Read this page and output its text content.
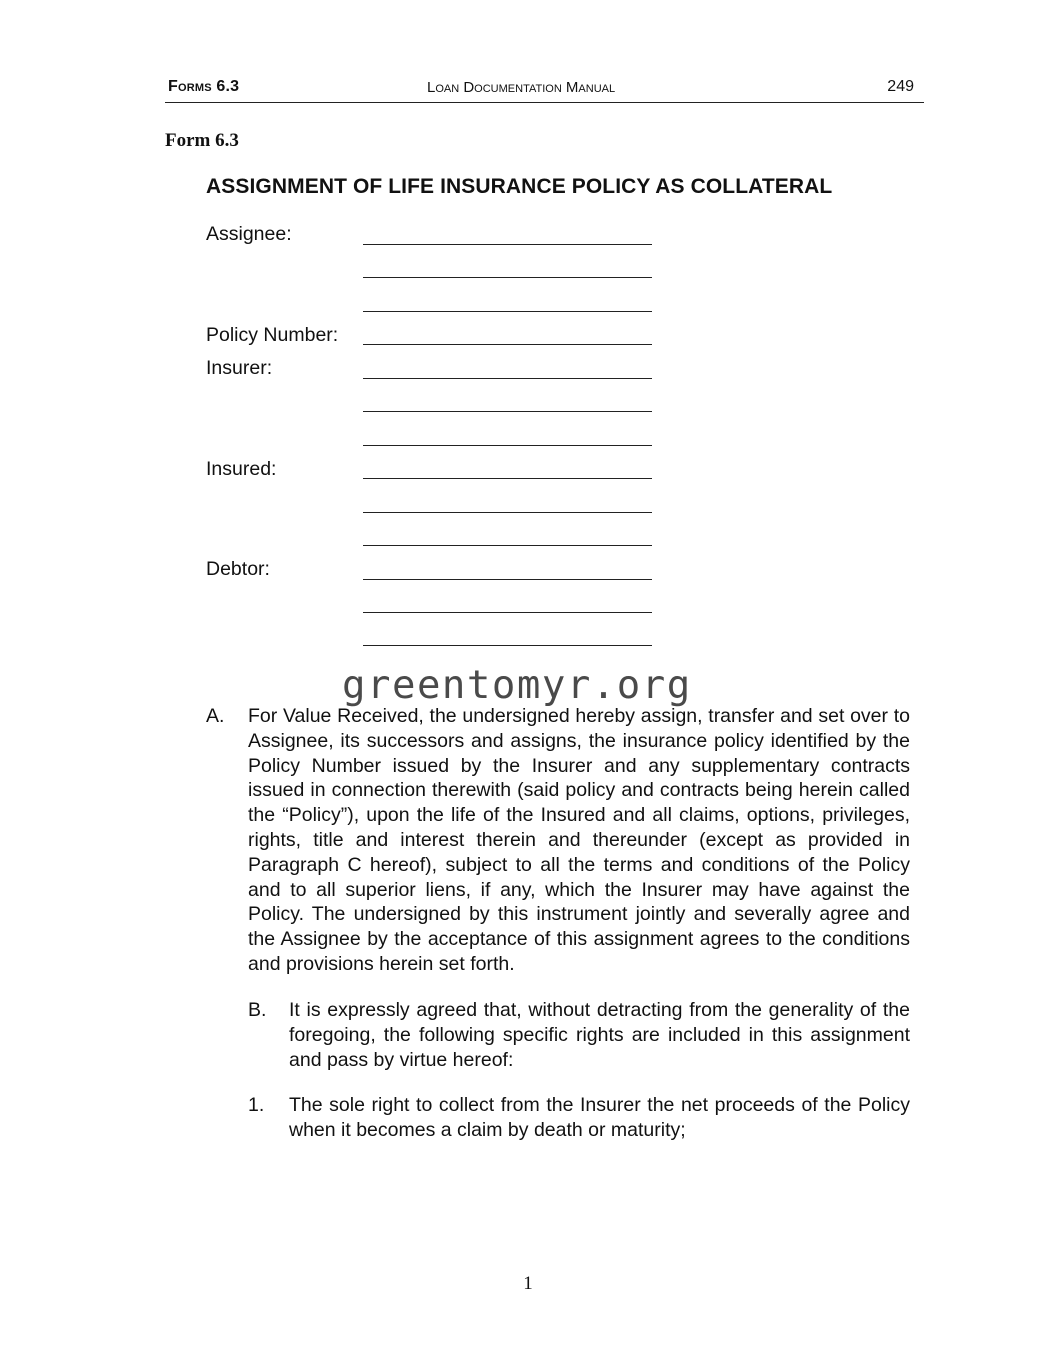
Forms 6.3	Loan Documentation Manual	249
Form 6.3
ASSIGNMENT OF LIFE INSURANCE POLICY AS COLLATERAL
Assignee:
Policy Number:
Insurer:
Insured:
Debtor:
greentomyr.org
A. For Value Received, the undersigned hereby assign, transfer and set over to Assignee, its successors and assigns, the insurance policy identified by the Policy Number issued by the Insurer and any supplementary contracts issued in connection therewith (said policy and contracts being herein called the “Policy”), upon the life of the Insured and all claims, options, privileges, rights, title and interest therein and thereunder (except as provided in Paragraph C hereof), subject to all the terms and conditions of the Policy and to all superior liens, if any, which the Insurer may have against the Policy. The undersigned by this instrument jointly and severally agree and the Assignee by the acceptance of this assignment agrees to the conditions and provisions herein set forth.
B. It is expressly agreed that, without detracting from the generality of the foregoing, the following specific rights are included in this assignment and pass by virtue hereof:
1. The sole right to collect from the Insurer the net proceeds of the Policy when it becomes a claim by death or maturity;
1
